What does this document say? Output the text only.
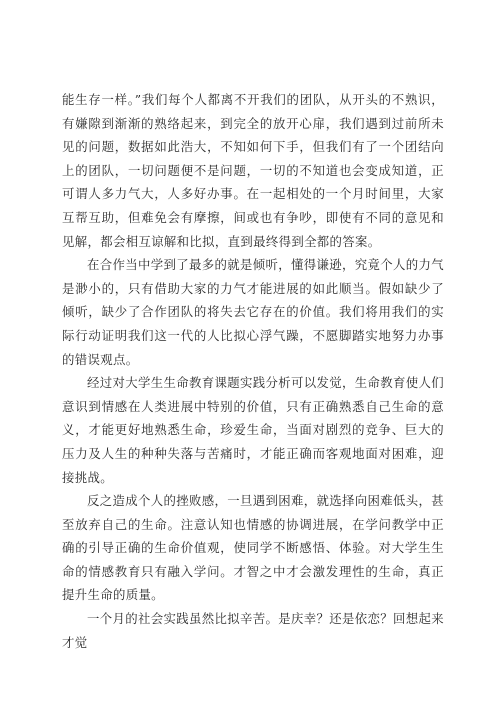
能生存一样。”我们每个人都离不开我们的团队，从开头的不熟识，有嫌隙到渐渐的熟络起来，到完全的放开心扉，我们遇到过前所未见的问题，数据如此浩大，不知如何下手，但我们有了一个团结向上的团队，一切问题便不是问题，一切的不知道也会变成知道，正可谓人多力气大，人多好办事。在一起相处的一个月时间里，大家互帮互助，但难免会有摩擦，间或也有争吵，即使有不同的意见和见解，都会相互谅解和比拟，直到最终得到全都的答案。

在合作当中学到了最多的就是倾听，懂得谦逊，究竟个人的力气是渺小的，只有借助大家的力气才能进展的如此顺当。假如缺少了倾听，缺少了合作团队的将失去它存在的价值。我们将用我们的实际行动证明我们这一代的人比拟心浮气躁，不愿脚踏实地努力办事的错误观点。

经过对大学生生命教育课题实践分析可以发觉，生命教育使人们意识到情感在人类进展中特别的价值，只有正确熟悉自己生命的意义，才能更好地熟悉生命，珍爱生命，当面对剧烈的竞争、巨大的压力及人生的种种失落与苦痛时，才能正确而客观地面对困难，迎接挑战。

反之造成个人的挫败感，一旦遇到困难，就选择向困难低头，甚至放弃自己的生命。注意认知也情感的协调进展，在学问教学中正确的引导正确的生命价值观，使同学不断感悟、体验。对大学生生命的情感教育只有融入学问。才智之中才会激发理性的生命，真正提升生命的质量。

一个月的社会实践虽然比拟辛苦。是庆幸？还是依恋？回想起来才觉
